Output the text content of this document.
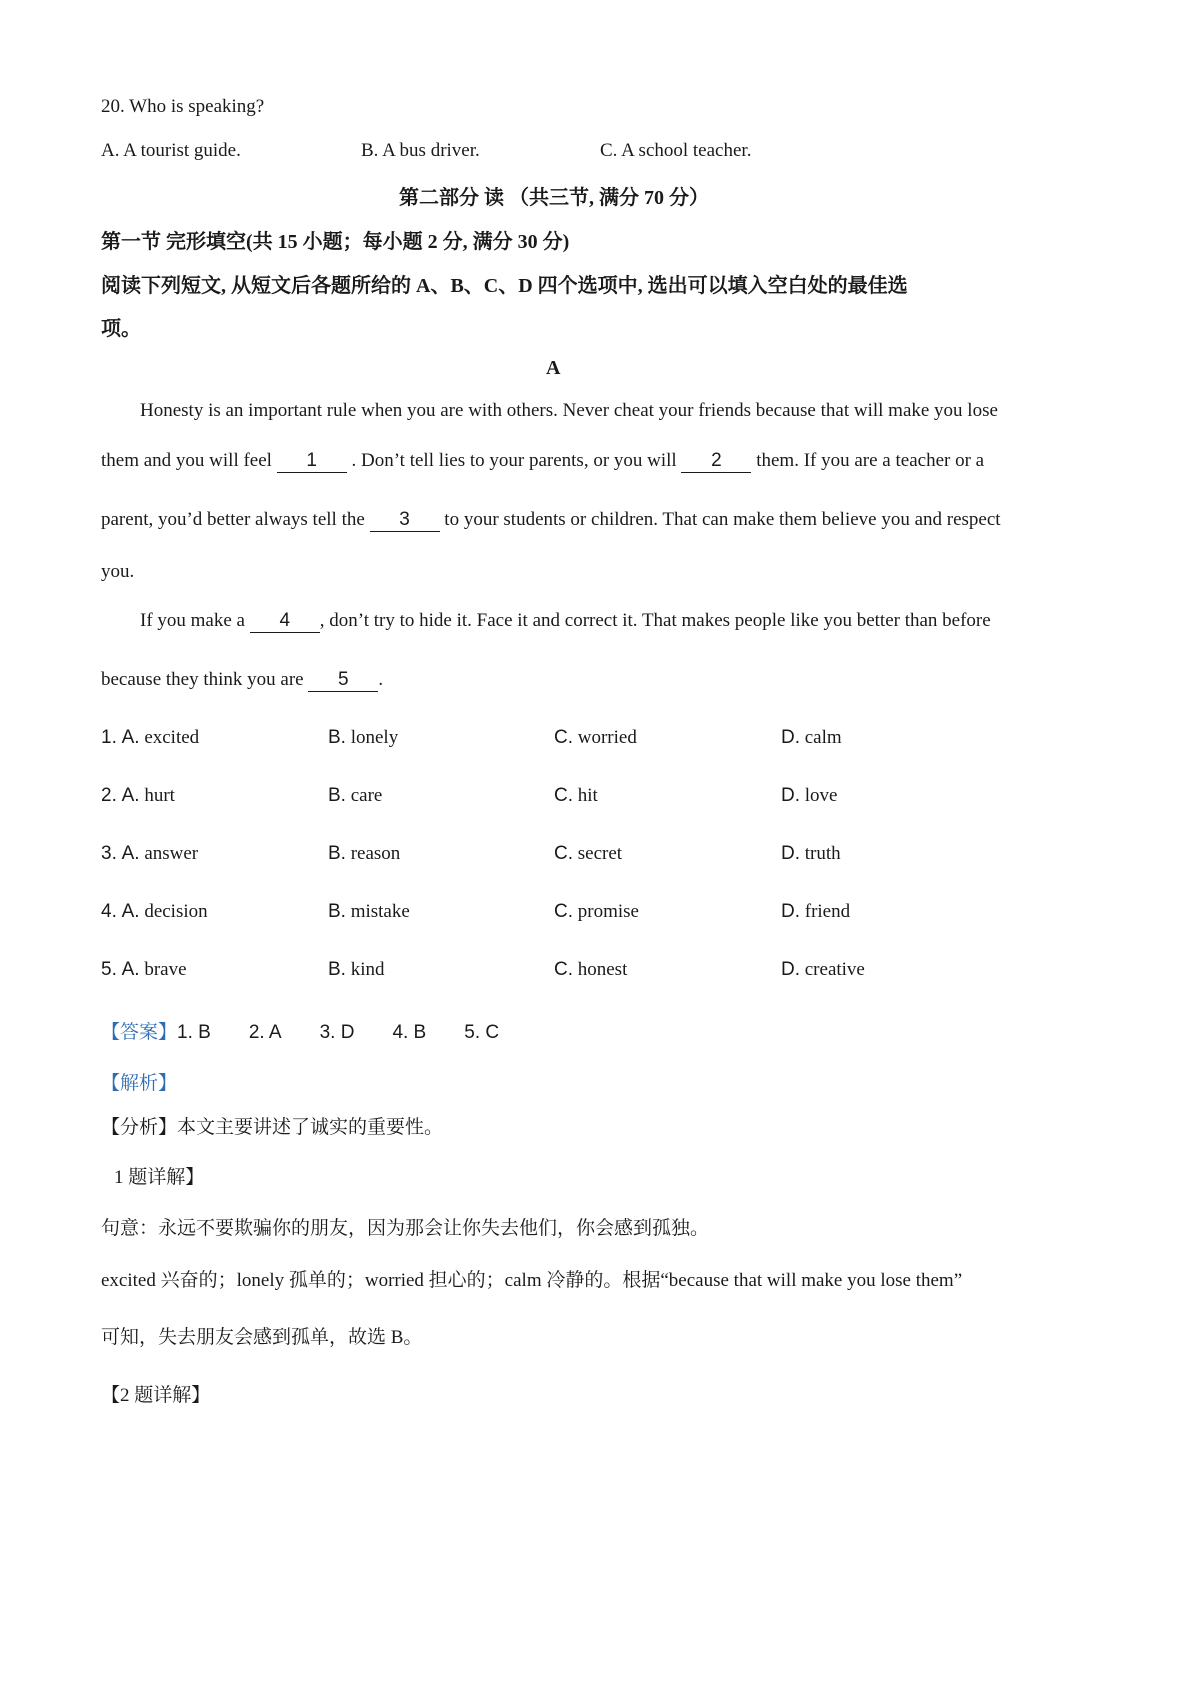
20. Who is speaking?
A. A tourist guide.	B. A bus driver.	C. A school teacher.
第二部分 读 （共三节, 满分 70 分）
第一节 完形填空(共 15 小题；每小题 2 分, 满分 30 分)
阅读下列短文, 从短文后各题所给的 A、B、C、D 四个选项中, 选出可以填入空白处的最佳选
项。
A
Honesty is an important rule when you are with others. Never cheat your friends because that will make you lose
them and you will feel 1 . Don’t tell lies to your parents, or you will 2 them. If you are a teacher or a
parent, you’d better always tell the 3 to your students or children. That can make them believe you and respect
you.
If you make a 4 , don’t try to hide it. Face it and correct it. That makes people like you better than before
because they think you are 5 .
1. A. excited	B. lonely	C. worried	D. calm
2. A. hurt	B. care	C. hit	D. love
3. A. answer	B. reason	C. secret	D. truth
4. A. decision	B. mistake	C. promise	D. friend
5. A. brave	B. kind	C. honest	D. creative
【答案】1. B 2. A 3. D 4. B 5. C
【解析】
【分析】本文主要讲述了诚实的重要性。
1 题详解】
句意：永远不要欺骗你的朋友，因为那会让你失去他们，你会感到孤独。
excited 兴奋的；lonely 孤单的；worried 担心的；calm 冷静的。根据“because that will make you lose them”
可知，失去朋友会感到孤单，故选 B。
【2 题详解】
